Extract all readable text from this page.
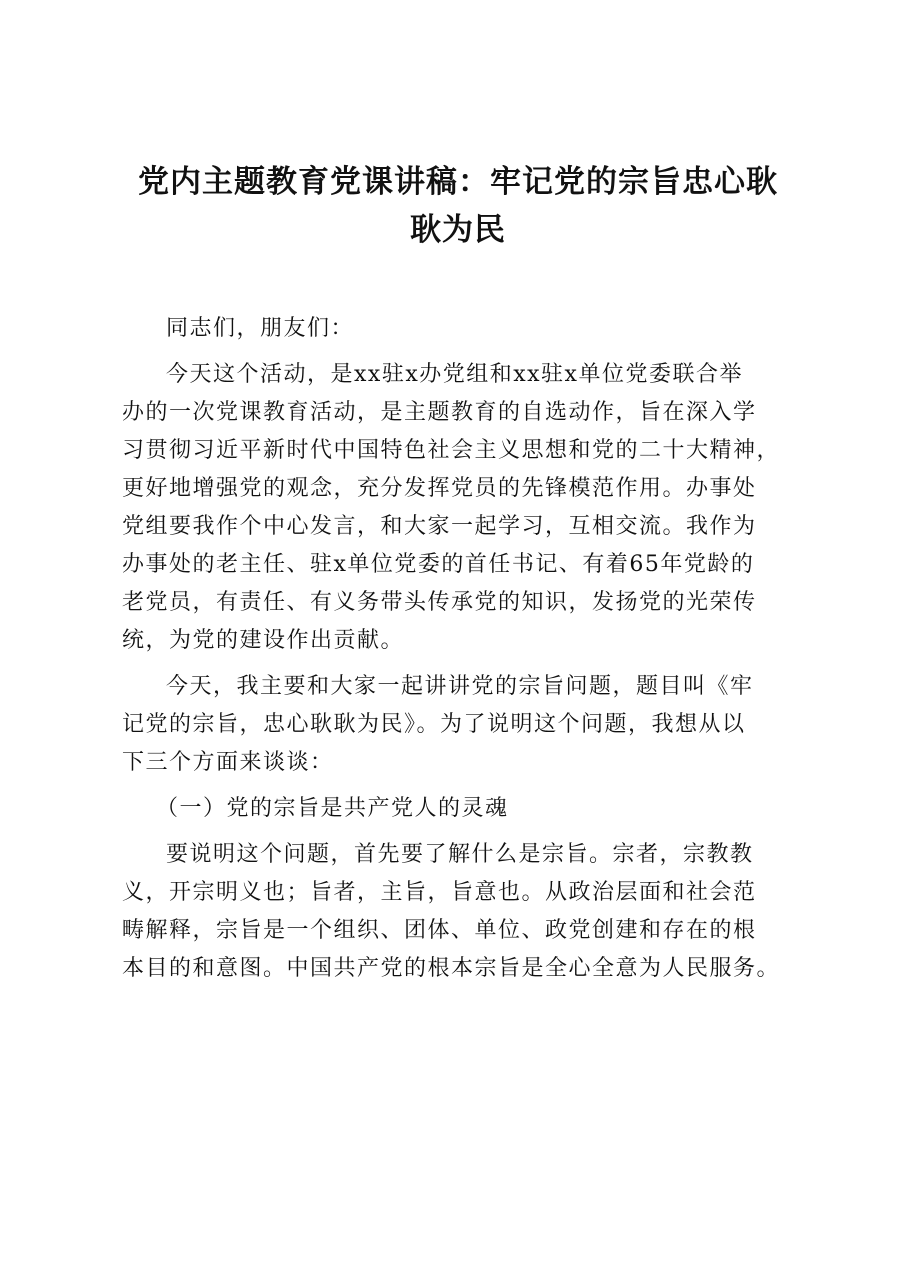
党内主题教育党课讲稿：牢记党的宗旨忠心耿
耿为民

同志们，朋友们：

今天这个活动，是xx驻x办党组和xx驻x单位党委联合举
办的一次党课教育活动，是主题教育的自选动作，旨在深入学
习贯彻习近平新时代中国特色社会主义思想和党的二十大精神，
更好地增强党的观念，充分发挥党员的先锋模范作用。办事处
党组要我作个中心发言，和大家一起学习，互相交流。我作为
办事处的老主任、驻x单位党委的首任书记、有着65年党龄的
老党员，有责任、有义务带头传承党的知识，发扬党的光荣传
统，为党的建设作出贡献。
今天，我主要和大家一起讲讲党的宗旨问题，题目叫《牢
记党的宗旨，忠心耿耿为民》。为了说明这个问题，我想从以
下三个方面来谈谈：

（一）党的宗旨是共产党人的灵魂

要说明这个问题，首先要了解什么是宗旨。宗者，宗教教
义，开宗明义也；旨者，主旨，旨意也。从政治层面和社会范
畴解释，宗旨是一个组织、团体、单位、政党创建和存在的根
本目的和意图。中国共产党的根本宗旨是全心全意为人民服务。
